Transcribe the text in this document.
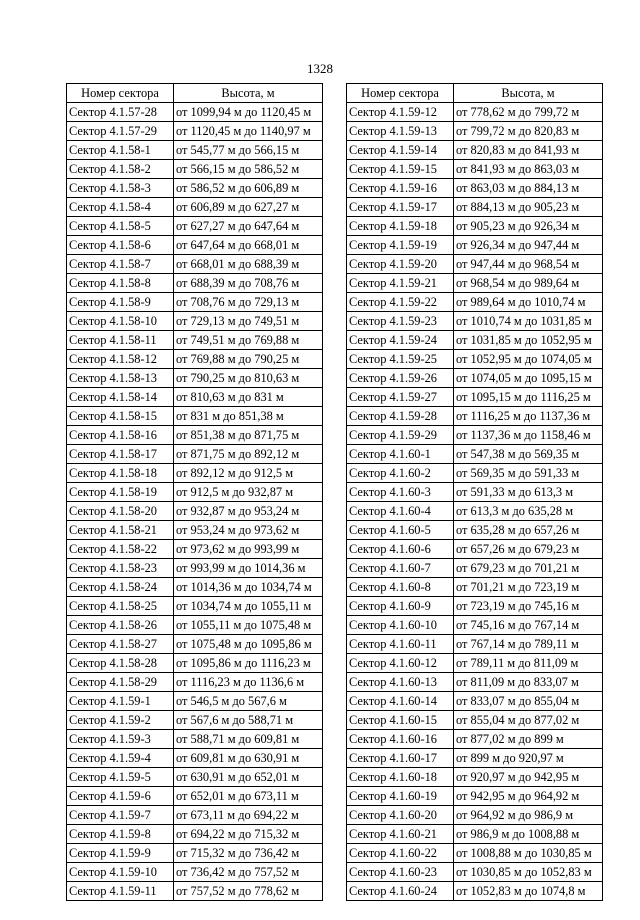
1328
Номер сектора	Высота, м
Сектор 4.1.57-28	от 1099,94 м до 1120,45 м
Сектор 4.1.57-29	от 1120,45 м до 1140,97 м
Сектор 4.1.58-1	от 545,77 м до 566,15 м
Сектор 4.1.58-2	от 566,15 м до 586,52 м
Сектор 4.1.58-3	от 586,52 м до 606,89 м
Сектор 4.1.58-4	от 606,89 м до 627,27 м
Сектор 4.1.58-5	от 627,27 м до 647,64 м
Сектор 4.1.58-6	от 647,64 м до 668,01 м
Сектор 4.1.58-7	от 668,01 м до 688,39 м
Сектор 4.1.58-8	от 688,39 м до 708,76 м
Сектор 4.1.58-9	от 708,76 м до 729,13 м
Сектор 4.1.58-10	от 729,13 м до 749,51 м
Сектор 4.1.58-11	от 749,51 м до 769,88 м
Сектор 4.1.58-12	от 769,88 м до 790,25 м
Сектор 4.1.58-13	от 790,25 м до 810,63 м
Сектор 4.1.58-14	от 810,63 м до 831 м
Сектор 4.1.58-15	от 831 м до 851,38 м
Сектор 4.1.58-16	от 851,38 м до 871,75 м
Сектор 4.1.58-17	от 871,75 м до 892,12 м
Сектор 4.1.58-18	от 892,12 м до 912,5 м
Сектор 4.1.58-19	от 912,5 м до 932,87 м
Сектор 4.1.58-20	от 932,87 м до 953,24 м
Сектор 4.1.58-21	от 953,24 м до 973,62 м
Сектор 4.1.58-22	от 973,62 м до 993,99 м
Сектор 4.1.58-23	от 993,99 м до 1014,36 м
Сектор 4.1.58-24	от 1014,36 м до 1034,74 м
Сектор 4.1.58-25	от 1034,74 м до 1055,11 м
Сектор 4.1.58-26	от 1055,11 м до 1075,48 м
Сектор 4.1.58-27	от 1075,48 м до 1095,86 м
Сектор 4.1.58-28	от 1095,86 м до 1116,23 м
Сектор 4.1.58-29	от 1116,23 м до 1136,6 м
Сектор 4.1.59-1	от 546,5 м до 567,6 м
Сектор 4.1.59-2	от 567,6 м до 588,71 м
Сектор 4.1.59-3	от 588,71 м до 609,81 м
Сектор 4.1.59-4	от 609,81 м до 630,91 м
Сектор 4.1.59-5	от 630,91 м до 652,01 м
Сектор 4.1.59-6	от 652,01 м до 673,11 м
Сектор 4.1.59-7	от 673,11 м до 694,22 м
Сектор 4.1.59-8	от 694,22 м до 715,32 м
Сектор 4.1.59-9	от 715,32 м до 736,42 м
Сектор 4.1.59-10	от 736,42 м до 757,52 м
Сектор 4.1.59-11	от 757,52 м до 778,62 м
Номер сектора	Высота, м
Сектор 4.1.59-12	от 778,62 м до 799,72 м
Сектор 4.1.59-13	от 799,72 м до 820,83 м
Сектор 4.1.59-14	от 820,83 м до 841,93 м
Сектор 4.1.59-15	от 841,93 м до 863,03 м
Сектор 4.1.59-16	от 863,03 м до 884,13 м
Сектор 4.1.59-17	от 884,13 м до 905,23 м
Сектор 4.1.59-18	от 905,23 м до 926,34 м
Сектор 4.1.59-19	от 926,34 м до 947,44 м
Сектор 4.1.59-20	от 947,44 м до 968,54 м
Сектор 4.1.59-21	от 968,54 м до 989,64 м
Сектор 4.1.59-22	от 989,64 м до 1010,74 м
Сектор 4.1.59-23	от 1010,74 м до 1031,85 м
Сектор 4.1.59-24	от 1031,85 м до 1052,95 м
Сектор 4.1.59-25	от 1052,95 м до 1074,05 м
Сектор 4.1.59-26	от 1074,05 м до 1095,15 м
Сектор 4.1.59-27	от 1095,15 м до 1116,25 м
Сектор 4.1.59-28	от 1116,25 м до 1137,36 м
Сектор 4.1.59-29	от 1137,36 м до 1158,46 м
Сектор 4.1.60-1	от 547,38 м до 569,35 м
Сектор 4.1.60-2	от 569,35 м до 591,33 м
Сектор 4.1.60-3	от 591,33 м до 613,3 м
Сектор 4.1.60-4	от 613,3 м до 635,28 м
Сектор 4.1.60-5	от 635,28 м до 657,26 м
Сектор 4.1.60-6	от 657,26 м до 679,23 м
Сектор 4.1.60-7	от 679,23 м до 701,21 м
Сектор 4.1.60-8	от 701,21 м до 723,19 м
Сектор 4.1.60-9	от 723,19 м до 745,16 м
Сектор 4.1.60-10	от 745,16 м до 767,14 м
Сектор 4.1.60-11	от 767,14 м до 789,11 м
Сектор 4.1.60-12	от 789,11 м до 811,09 м
Сектор 4.1.60-13	от 811,09 м до 833,07 м
Сектор 4.1.60-14	от 833,07 м до 855,04 м
Сектор 4.1.60-15	от 855,04 м до 877,02 м
Сектор 4.1.60-16	от 877,02 м до 899 м
Сектор 4.1.60-17	от 899 м до 920,97 м
Сектор 4.1.60-18	от 920,97 м до 942,95 м
Сектор 4.1.60-19	от 942,95 м до 964,92 м
Сектор 4.1.60-20	от 964,92 м до 986,9 м
Сектор 4.1.60-21	от 986,9 м до 1008,88 м
Сектор 4.1.60-22	от 1008,88 м до 1030,85 м
Сектор 4.1.60-23	от 1030,85 м до 1052,83 м
Сектор 4.1.60-24	от 1052,83 м до 1074,8 м
